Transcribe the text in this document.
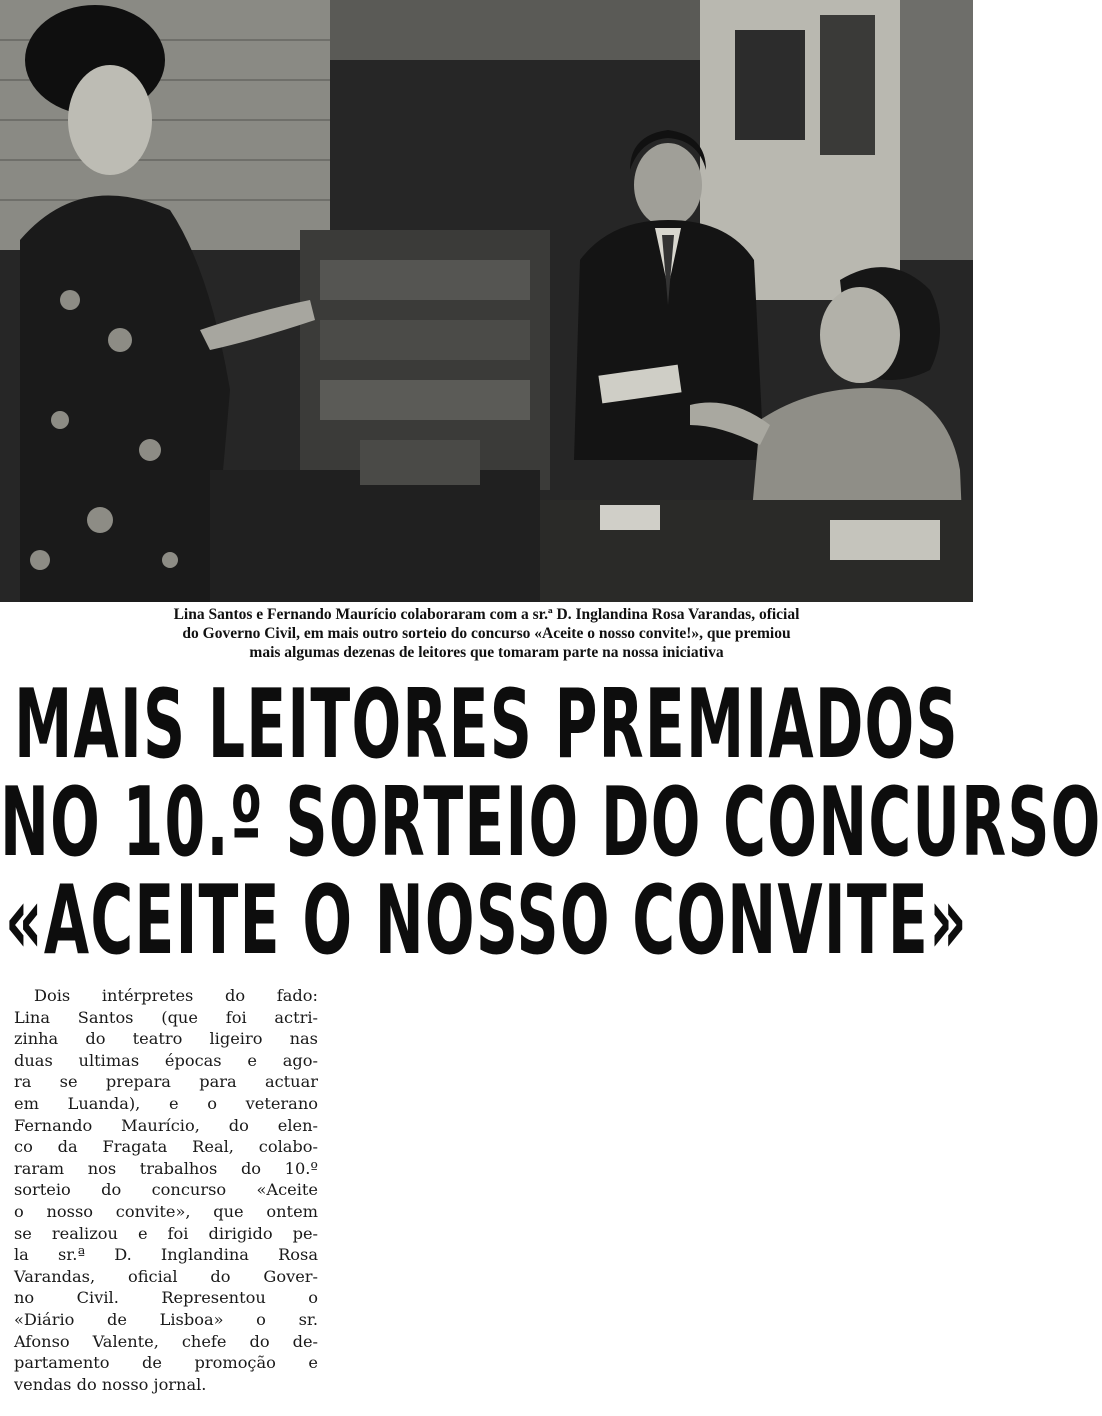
Lina Santos e Fernando Maurício colaboraram com a sr.ª D. Inglandina Rosa Varandas, oficial
do Governo Civil, em mais outro sorteio do concurso «Aceite o nosso convite!», que premiou
mais algumas dezenas de leitores que tomaram parte na nossa iniciativa
MAIS LEITORES PREMIADOS
NO 10.º SORTEIO DO CONCURSO
«ACEITE O NOSSO CONVITE»
Dois intérpretes do fado:
Lina Santos (que foi actri-
zinha do teatro ligeiro nas
duas ultimas épocas e ago-
ra se prepara para actuar
em Luanda), e o veterano
Fernando Maurício, do elen-
co da Fragata Real, colabo-
raram nos trabalhos do 10.º
sorteio do concurso «Aceite
o nosso convite», que ontem
se realizou e foi dirigido pe-
la sr.ª D. Inglandina Rosa
Varandas, oficial do Gover-
no Civil. Representou o
«Diário de Lisboa» o sr.
Afonso Valente, chefe do de-
partamento de promoção e
vendas do nosso jornal.
